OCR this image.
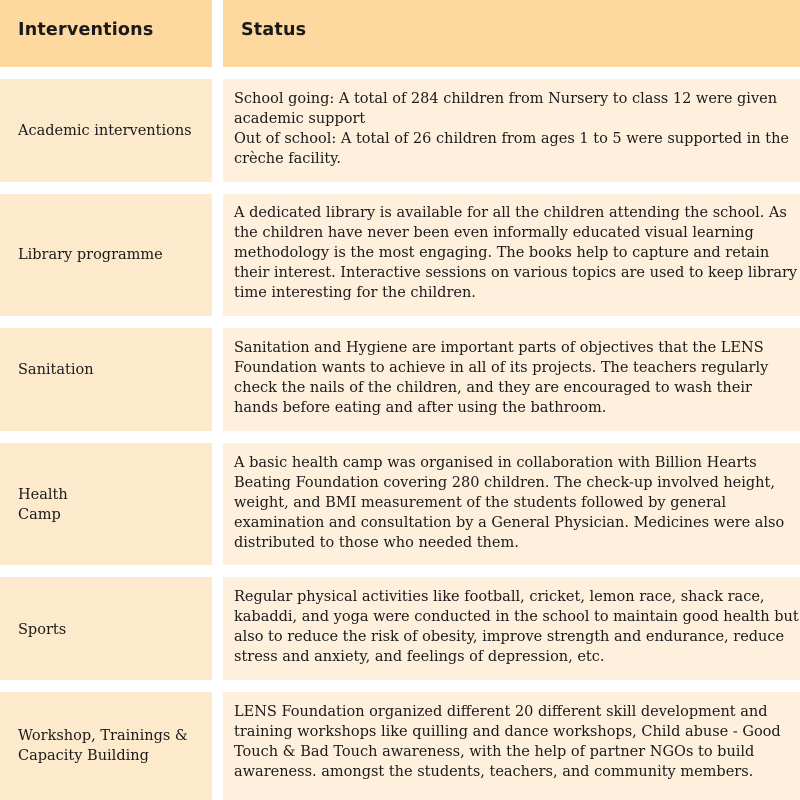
Interventions	Status
Academic interventions
School going: A total of 284 children from Nursery to class 12 were given academic support
Out of school: A total of 26 children from ages 1 to 5 were supported in the crèche facility.
Library programme
A dedicated library is available for all the children attending the school. As the children have never been even informally educated visual learning methodology is the most engaging. The books help to capture and retain their interest. Interactive sessions on various topics are used to keep library time interesting for the children.
Sanitation
Sanitation and Hygiene are important parts of objectives that the LENS Foundation wants to achieve in all of its projects. The teachers regularly check the nails of the children, and they are encouraged to wash their hands before eating and after using the bathroom.
Health
Camp
A basic health camp was organised in collaboration with Billion Hearts Beating Foundation covering 280 children. The check-up involved height, weight, and BMI measurement of the students followed by general examination and consultation by a General Physician. Medicines were also distributed to those who needed them.
Sports
Regular physical activities like football, cricket, lemon race, shack race, kabaddi, and yoga were conducted in the school to maintain good health but also to reduce the risk of obesity, improve strength and endurance, reduce stress and anxiety, and feelings of depression, etc.
Workshop, Trainings &
Capacity Building
LENS Foundation organized different 20 different skill development and training workshops like quilling and dance workshops, Child abuse - Good Touch & Bad Touch awareness, with the help of partner NGOs to build awareness. amongst the students, teachers, and community members.
